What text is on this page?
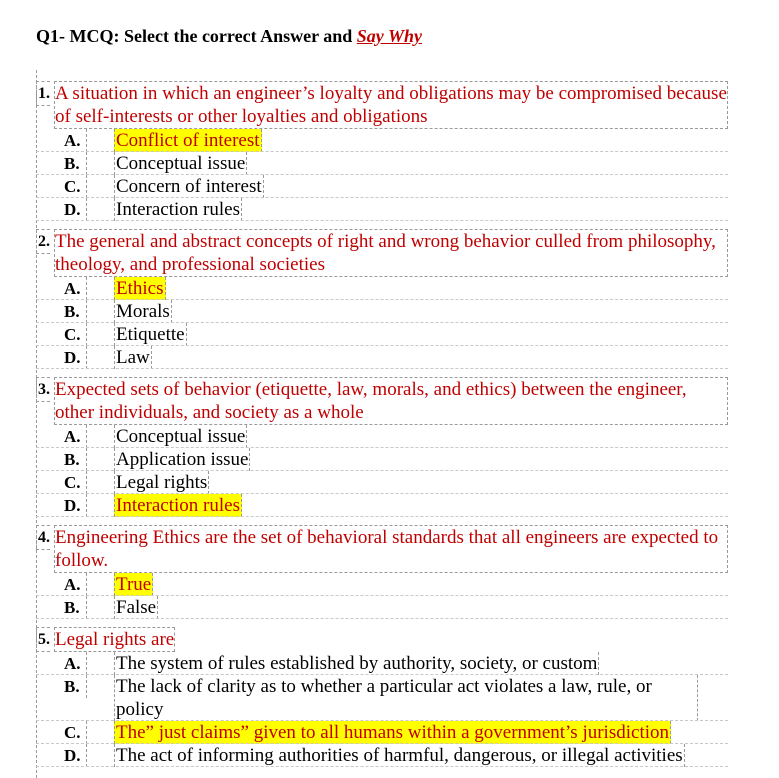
Q1- MCQ: Select the correct Answer and Say Why
1. A situation in which an engineer’s loyalty and obligations may be compromised because of self-interests or other loyalties and obligations
A.	Conflict of interest
B.	Conceptual issue
C.	Concern of interest
D.	Interaction rules
2. The general and abstract concepts of right and wrong behavior culled from philosophy, theology, and professional societies
A.	Ethics
B.	Morals
C.	Etiquette
D.	Law
3. Expected sets of behavior (etiquette, law, morals, and ethics) between the engineer, other individuals, and society as a whole
A.	Conceptual issue
B.	Application issue
C.	Legal rights
D.	Interaction rules
4. Engineering Ethics are the set of behavioral standards that all engineers are expected to follow.
A.	True
B.	False
5. Legal rights are
A.	The system of rules established by authority, society, or custom
B.	The lack of clarity as to whether a particular act violates a law, rule, or policy
C.	The” just claims” given to all humans within a government’s jurisdiction
D.	The act of informing authorities of harmful, dangerous, or illegal activities
